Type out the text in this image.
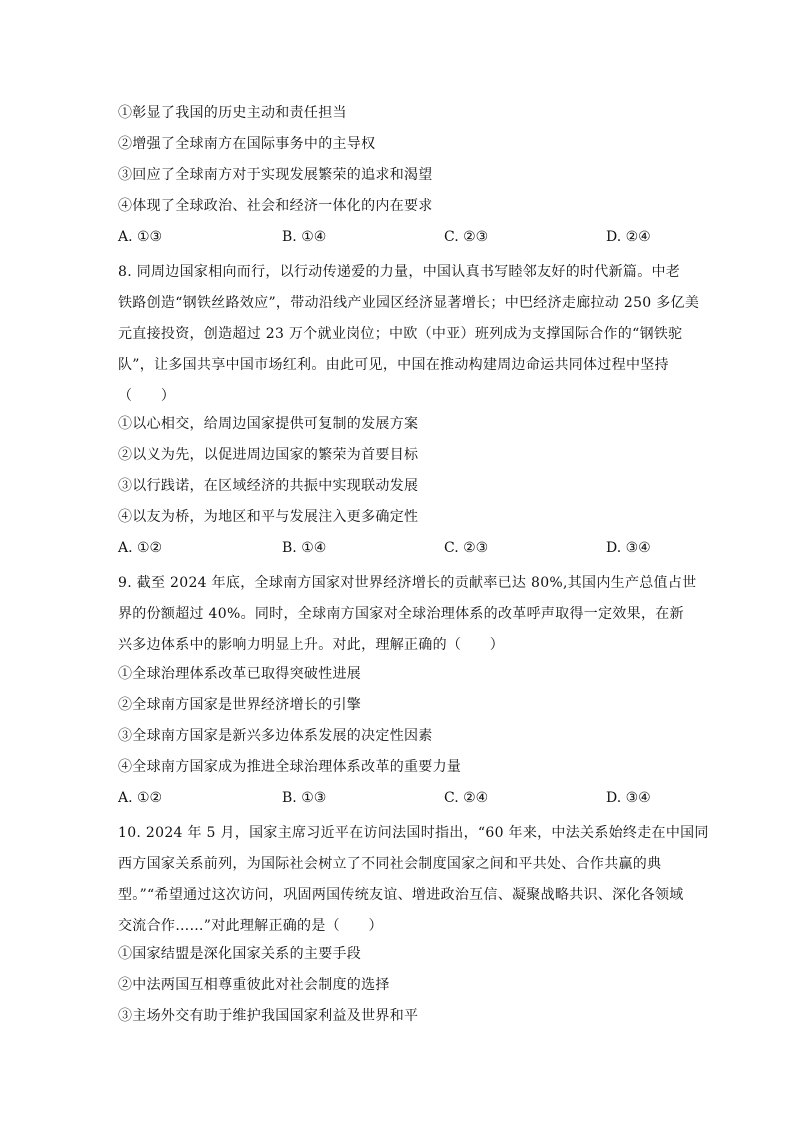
①彰显了我国的历史主动和责任担当
②增强了全球南方在国际事务中的主导权
③回应了全球南方对于实现发展繁荣的追求和渴望
④体现了全球政治、社会和经济一体化的内在要求
A. ①③	B. ①④	C. ②③	D. ②④
8. 同周边国家相向而行，以行动传递爱的力量，中国认真书写睦邻友好的时代新篇。中老
铁路创造“钢铁丝路效应”，带动沿线产业园区经济显著增长；中巴经济走廊拉动 250 多亿美
元直接投资，创造超过 23 万个就业岗位；中欧（中亚）班列成为支撑国际合作的“钢铁驼
队”，让多国共享中国市场红利。由此可见，中国在推动构建周边命运共同体过程中坚持
（　　）
①以心相交，给周边国家提供可复制的发展方案
②以义为先，以促进周边国家的繁荣为首要目标
③以行践诺，在区域经济的共振中实现联动发展
④以友为桥，为地区和平与发展注入更多确定性
A. ①②	B. ①④	C. ②③	D. ③④
9. 截至 2024 年底，全球南方国家对世界经济增长的贡献率已达 80%,其国内生产总值占世
界的份额超过 40%。同时，全球南方国家对全球治理体系的改革呼声取得一定效果，在新
兴多边体系中的影响力明显上升。对此，理解正确的（　　）
①全球治理体系改革已取得突破性进展
②全球南方国家是世界经济增长的引擎
③全球南方国家是新兴多边体系发展的决定性因素
④全球南方国家成为推进全球治理体系改革的重要力量
A. ①②	B. ①③	C. ②④	D. ③④
10. 2024 年 5 月，国家主席习近平在访问法国时指出，“60 年来，中法关系始终走在中国同
西方国家关系前列，为国际社会树立了不同社会制度国家之间和平共处、合作共赢的典
型。”“希望通过这次访问，巩固两国传统友谊、增进政治互信、凝聚战略共识、深化各领域
交流合作……”对此理解正确的是（　　）
①国家结盟是深化国家关系的主要手段
②中法两国互相尊重彼此对社会制度的选择
③主场外交有助于维护我国国家利益及世界和平
